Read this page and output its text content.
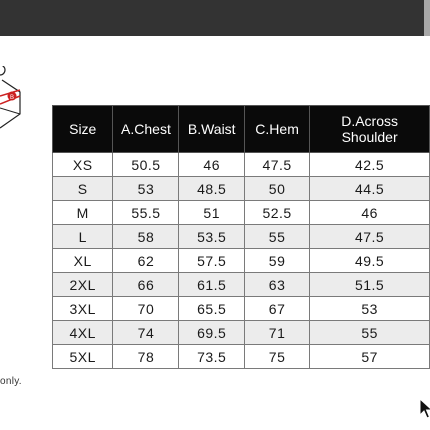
B
Size	A.Chest	B.Waist	C.Hem	D.Across
Shoulder
XS	50.5	46	47.5	42.5
S	53	48.5	50	44.5
M	55.5	51	52.5	46
L	58	53.5	55	47.5
XL	62	57.5	59	49.5
2XL	66	61.5	63	51.5
3XL	70	65.5	67	53
4XL	74	69.5	71	55
5XL	78	73.5	75	57
only.
